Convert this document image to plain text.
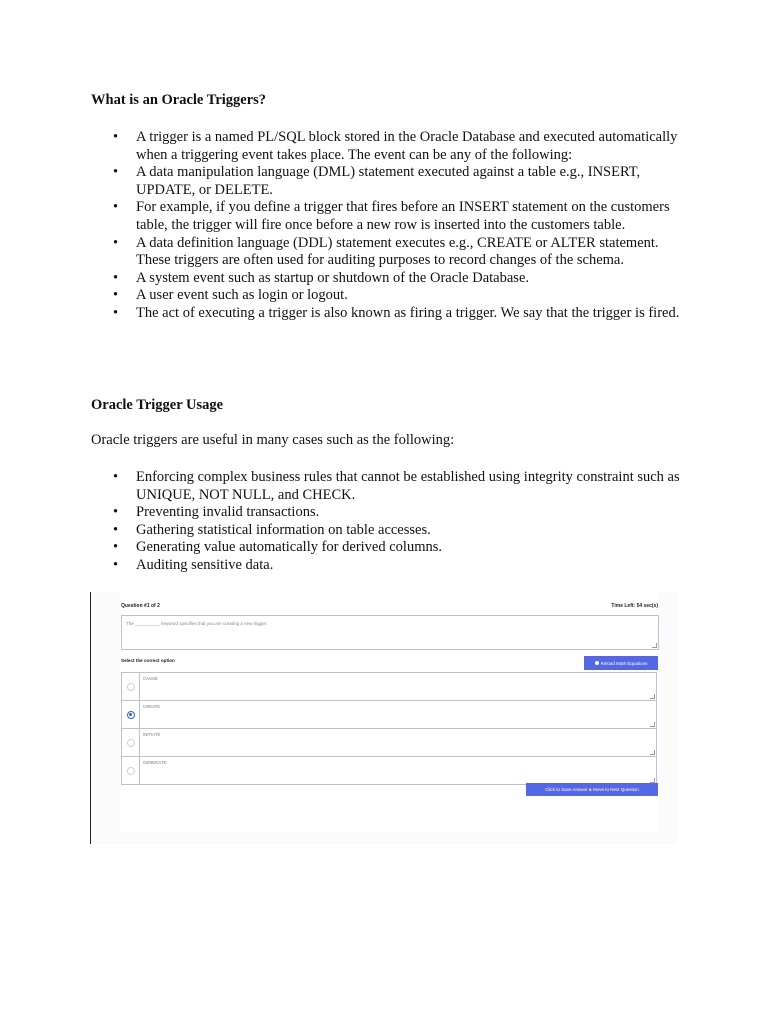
What is an Oracle Triggers?
• A trigger is a named PL/SQL block stored in the Oracle Database and executed automatically when a triggering event takes place. The event can be any of the following:
• A data manipulation language (DML) statement executed against a table e.g., INSERT, UPDATE, or DELETE.
• For example, if you define a trigger that fires before an INSERT statement on the customers table, the trigger will fire once before a new row is inserted into the customers table.
• A data definition language (DDL) statement executes e.g., CREATE or ALTER statement. These triggers are often used for auditing purposes to record changes of the schema.
• A system event such as startup or shutdown of the Oracle Database.
• A user event such as login or logout.
• The act of executing a trigger is also known as firing a trigger. We say that the trigger is fired.
Oracle Trigger Usage

Oracle triggers are useful in many cases such as the following:

• Enforcing complex business rules that cannot be established using integrity constraint such as UNIQUE, NOT NULL, and CHECK.
• Preventing invalid transactions.
• Gathering statistical information on table accesses.
• Generating value automatically for derived columns.
• Auditing sensitive data.
Question #1 of 2	Time Left: 54 sec(s)
The __________ keyword specifies that you are creating a new trigger.
Select the correct option	Reload Math Equations
CAUSE
CREATE
INITIATE
GENERATE
Click to Save Answer & Move to Next Question
